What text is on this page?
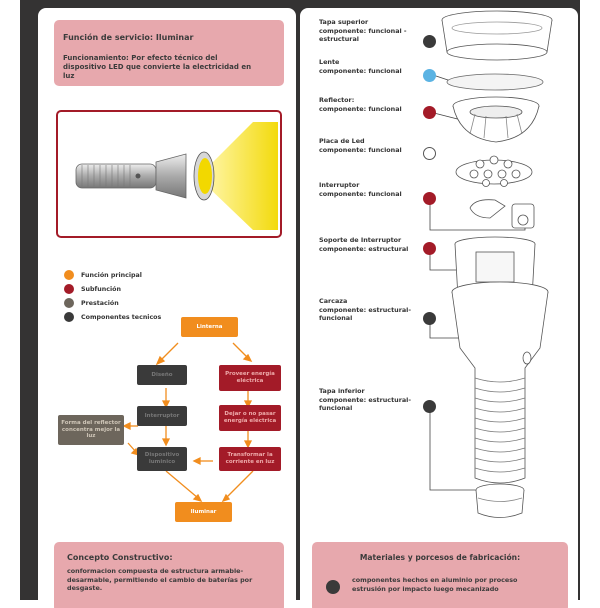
Función de servicio: Iluminar
Funcionamiento: Por efecto técnico del dispositivo LED que convierte la electricidad en luz
Función principal
Subfunción
Prestación
Componentes tecnicos
Linterna
Diseño	Proveer energía eléctrica
Interruptor	Dejar o no pasar energía eléctrica
Forma del reflector concentra mejor la luz
Dispositivo luminico
Transformar la corriente en luz
Iluminar
Concepto Constructivo:
conformacion compuesta de estructura armable-desarmable, permitiendo el cambio de baterías por desgaste.
Tapa superior
componente: funcional - estructural
Lente
componente: funcional
Reflector:
componente: funcional
Placa de Led
componente: funcional
Interruptor
componente: funcional
Soporte de Interruptor
componente: estructural
Carcaza
componente: estructural-funcional
Tapa inferior
componente: estructural-funcional
Materiales y porcesos de fabricación:
componentes hechos en aluminio por proceso estrusión por impacto luego mecanizado
